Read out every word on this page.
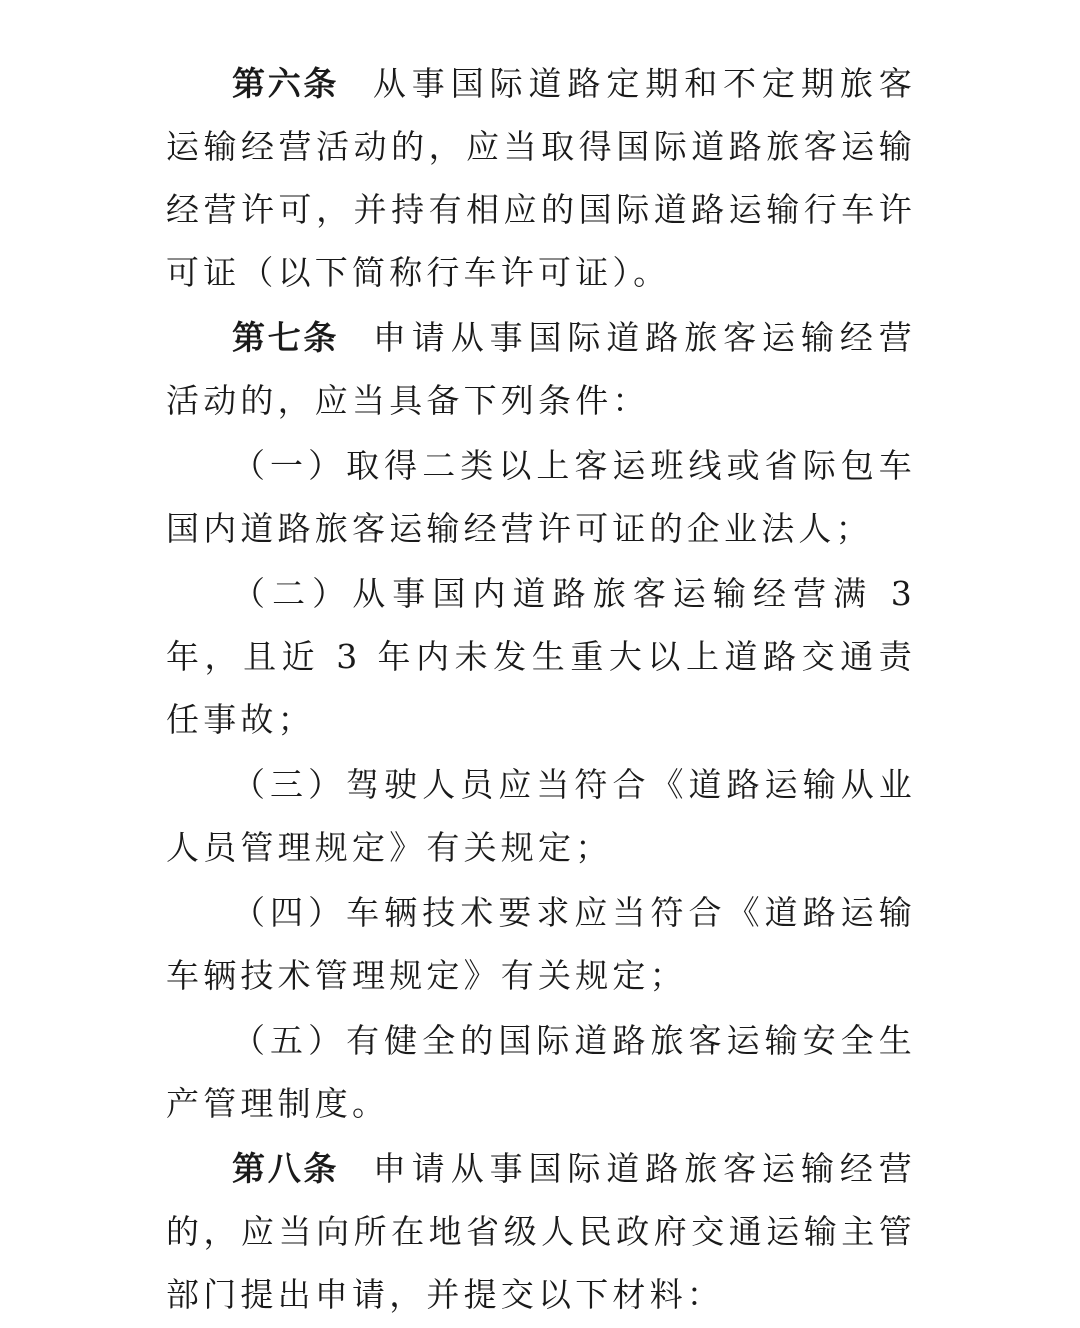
第六条 从事国际道路定期和不定期旅客运输经营活动的，应当取得国际道路旅客运输经营许可，并持有相应的国际道路运输行车许可证（以下简称行车许可证）。

第七条 申请从事国际道路旅客运输经营活动的，应当具备下列条件：

（一）取得二类以上客运班线或省际包车国内道路旅客运输经营许可证的企业法人；

（二）从事国内道路旅客运输经营满 3 年，且近 3 年内未发生重大以上道路交通责任事故；

（三）驾驶人员应当符合《道路运输从业人员管理规定》有关规定；

（四）车辆技术要求应当符合《道路运输车辆技术管理规定》有关规定；

（五）有健全的国际道路旅客运输安全生产管理制度。

第八条 申请从事国际道路旅客运输经营的，应当向所在地省级人民政府交通运输主管部门提出申请，并提交以下材料：
